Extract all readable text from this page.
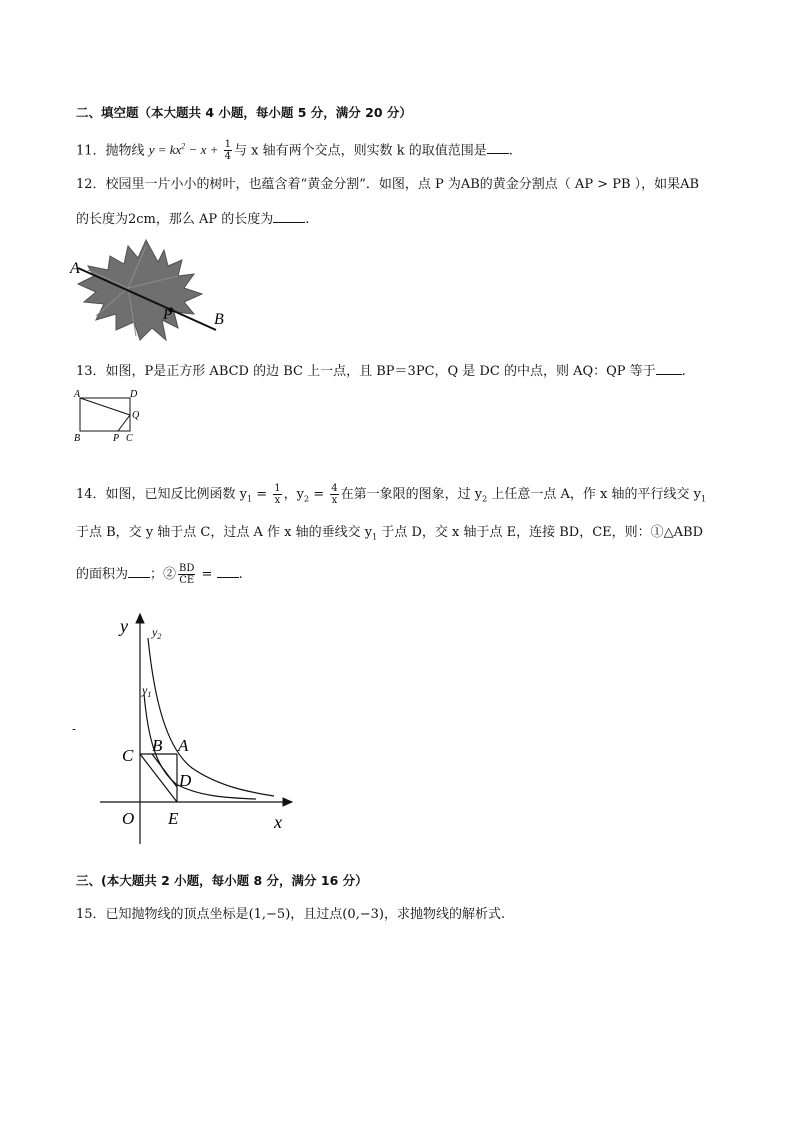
二、填空题（本大题共 4 小题，每小题 5 分，满分 20 分）
11．抛物线 $y = kx^2 - x + \frac{1}{4}$ 与 x 轴有两个交点，则实数 k 的取值范围是 .
12．校园里一片小小的树叶，也蕴含着“黄金分割”．如图，点 P 为AB的黄金分割点（ AP > PB ），如果AB
的长度为2cm，那么 AP 的长度为 .
A
P	B
13．如图，P是正方形 ABCD 的边 BC 上一点，且 BP＝3PC，Q 是 DC 的中点，则 AQ：QP 等于 .
A	D
Q
B	P C
14．如图，已知反比例函数 $y_1 = \frac{1}{x}$ ，$y_2 = \frac{4}{x}$ 在第一象限的图象，过 $y_2$ 上任意一点 A，作 x 轴的平行线交 $y_1$
于点 B，交 y 轴于点 C，过点 A 作 x 轴的垂线交 $y_1$ 于点 D，交 x 轴于点 E，连接 BD，CE，则：①△ABD
的面积为 ；② $\frac{BD}{CE}$ = .
-
y $y_2$
$y_1$
C
B A
D
O E	x
三、(本大题共 2 小题，每小题 8 分，满分 16 分）
15．已知抛物线的顶点坐标是(1,−5)，且过点(0,−3)，求抛物线的解析式.
